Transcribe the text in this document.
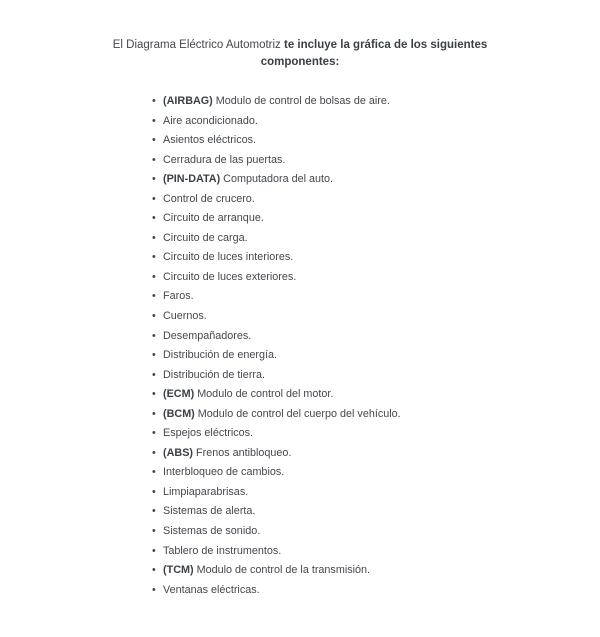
El Diagrama Eléctrico Automotriz te incluye la gráfica de los siguientes componentes:
• (AIRBAG) Modulo de control de bolsas de aire.
• Aire acondicionado.
• Asientos eléctricos.
• Cerradura de las puertas.
• (PIN-DATA) Computadora del auto.
• Control de crucero.
• Circuito de arranque.
• Circuito de carga.
• Circuito de luces interiores.
• Circuito de luces exteriores.
• Faros.
• Cuernos.
• Desempañadores.
• Distribución de energía.
• Distribución de tierra.
• (ECM) Modulo de control del motor.
• (BCM) Modulo de control del cuerpo del vehículo.
• Espejos eléctricos.
• (ABS) Frenos antibloqueo.
• Interbloqueo de cambios.
• Limpiaparabrisas.
• Sistemas de alerta.
• Sistemas de sonido.
• Tablero de instrumentos.
• (TCM) Modulo de control de la transmisión.
• Ventanas eléctricas.
